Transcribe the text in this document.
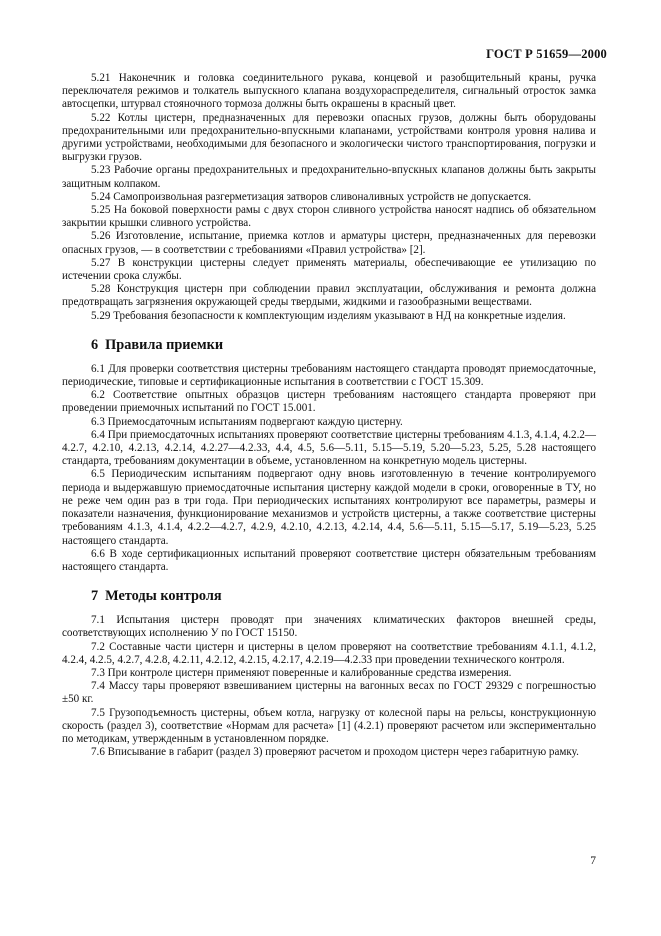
ГОСТ Р 51659—2000

5.21 Наконечник и головка соединительного рукава, концевой и разобщительный краны, ручка переключателя режимов и толкатель выпускного клапана воздухораспределителя, сигнальный отросток замка автосцепки, штурвал стояночного тормоза должны быть окрашены в красный цвет.

5.22 Котлы цистерн, предназначенных для перевозки опасных грузов, должны быть оборудованы предохранительными или предохранительно-впускными клапанами, устройствами контроля уровня налива и другими устройствами, необходимыми для безопасного и экологически чистого транспортирования, погрузки и выгрузки грузов.

5.23 Рабочие органы предохранительных и предохранительно-впускных клапанов должны быть закрыты защитным колпаком.

5.24 Самопроизвольная разгерметизация затворов сливоналивных устройств не допускается.

5.25 На боковой поверхности рамы с двух сторон сливного устройства наносят надпись об обязательном закрытии крышки сливного устройства.

5.26 Изготовление, испытание, приемка котлов и арматуры цистерн, предназначенных для перевозки опасных грузов, — в соответствии с требованиями «Правил устройства» [2].

5.27 В конструкции цистерны следует применять материалы, обеспечивающие ее утилизацию по истечении срока службы.

5.28 Конструкция цистерн при соблюдении правил эксплуатации, обслуживания и ремонта должна предотвращать загрязнения окружающей среды твердыми, жидкими и газообразными веществами.

5.29 Требования безопасности к комплектующим изделиям указывают в НД на конкретные изделия.

6 Правила приемки

6.1 Для проверки соответствия цистерны требованиям настоящего стандарта проводят приемосдаточные, периодические, типовые и сертификационные испытания в соответствии с ГОСТ 15.309.

6.2 Соответствие опытных образцов цистерн требованиям настоящего стандарта проверяют при проведении приемочных испытаний по ГОСТ 15.001.

6.3 Приемосдаточным испытаниям подвергают каждую цистерну.

6.4 При приемосдаточных испытаниях проверяют соответствие цистерны требованиям 4.1.3, 4.1.4, 4.2.2—4.2.7, 4.2.10, 4.2.13, 4.2.14, 4.2.27—4.2.33, 4.4, 4.5, 5.6—5.11, 5.15—5.19, 5.20—5.23, 5.25, 5.28 настоящего стандарта, требованиям документации в объеме, установленном на конкретную модель цистерны.

6.5 Периодическим испытаниям подвергают одну вновь изготовленную в течение контролируемого периода и выдержавшую приемосдаточные испытания цистерну каждой модели в сроки, оговоренные в ТУ, но не реже чем один раз в три года. При периодических испытаниях контролируют все параметры, размеры и показатели назначения, функционирование механизмов и устройств цистерны, а также соответствие цистерны требованиям 4.1.3, 4.1.4, 4.2.2—4.2.7, 4.2.9, 4.2.10, 4.2.13, 4.2.14, 4.4, 5.6—5.11, 5.15—5.17, 5.19—5.23, 5.25 настоящего стандарта.

6.6 В ходе сертификационных испытаний проверяют соответствие цистерн обязательным требованиям настоящего стандарта.

7 Методы контроля

7.1 Испытания цистерн проводят при значениях климатических факторов внешней среды, соответствующих исполнению У по ГОСТ 15150.

7.2 Составные части цистерн и цистерны в целом проверяют на соответствие требованиям 4.1.1, 4.1.2, 4.2.4, 4.2.5, 4.2.7, 4.2.8, 4.2.11, 4.2.12, 4.2.15, 4.2.17, 4.2.19—4.2.33 при проведении технического контроля.

7.3 При контроле цистерн применяют поверенные и калиброванные средства измерения.

7.4 Массу тары проверяют взвешиванием цистерны на вагонных весах по ГОСТ 29329 с погрешностью ±50 кг.

7.5 Грузоподъемность цистерны, объем котла, нагрузку от колесной пары на рельсы, конструкционную скорость (раздел 3), соответствие «Нормам для расчета» [1] (4.2.1) проверяют расчетом или экспериментально по методикам, утвержденным в установленном порядке.

7.6 Вписывание в габарит (раздел 3) проверяют расчетом и проходом цистерн через габаритную рамку.

7
